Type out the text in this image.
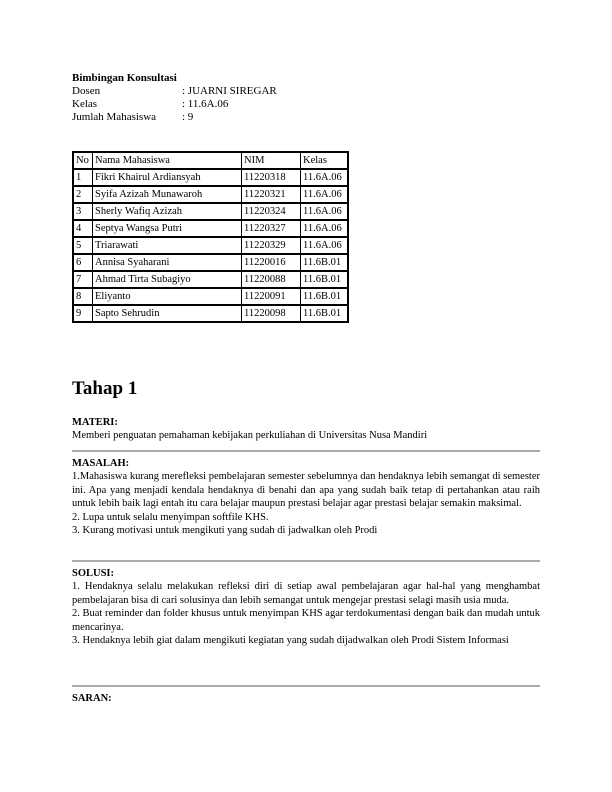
Bimbingan Konsultasi
Dosen	: JUARNI SIREGAR
Kelas	: 11.6A.06
Jumlah Mahasiswa	: 9
No	Nama Mahasiswa	NIM	Kelas
1	Fikri Khairul Ardiansyah	11220318	11.6A.06
2	Syifa Azizah Munawaroh	11220321	11.6A.06
3	Sherly Wafiq Azizah	11220324	11.6A.06
4	Septya Wangsa Putri	11220327	11.6A.06
5	Triarawati	11220329	11.6A.06
6	Annisa Syaharani	11220016	11.6B.01
7	Ahmad Tirta Subagiyo	11220088	11.6B.01
8	Eliyanto	11220091	11.6B.01
9	Sapto Sehrudin	11220098	11.6B.01
Tahap 1
MATERI:
Memberi penguatan pemahaman kebijakan perkuliahan di Universitas Nusa Mandiri
MASALAH:
1.Mahasiswa kurang merefleksi pembelajaran semester sebelumnya dan hendaknya lebih semangat di semester ini. Apa yang menjadi kendala hendaknya di benahi dan apa yang sudah baik tetap di pertahankan atau raih untuk lebih baik lagi entah itu cara belajar maupun prestasi belajar agar prestasi belajar semakin maksimal.
2. Lupa untuk selalu menyimpan softfile KHS.
3. Kurang motivasi untuk mengikuti yang sudah di jadwalkan oleh Prodi
SOLUSI:
1. Hendaknya selalu melakukan refleksi diri di setiap awal pembelajaran agar hal-hal yang menghambat pembelajaran bisa di cari solusinya dan lebih semangat untuk mengejar prestasi selagi masih usia muda.
2. Buat reminder dan folder khusus untuk menyimpan KHS agar terdokumentasi dengan baik dan mudah untuk mencarinya.
3. Hendaknya lebih giat dalam mengikuti kegiatan yang sudah dijadwalkan oleh Prodi Sistem Informasi
SARAN:
